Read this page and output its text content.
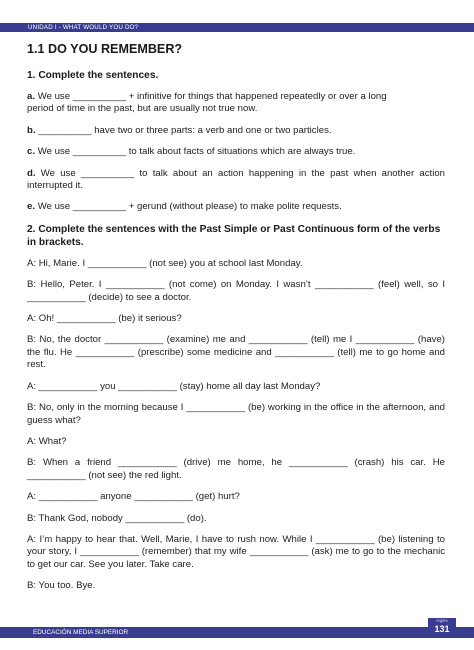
UNIDAD I - WHAT WOULD YOU DO?
1.1 DO YOU REMEMBER?
1. Complete the sentences.
a. We use __________ + infinitive for things that happened repeatedly or over a longperiod of time in the past, but are usually not true now.
b. __________ have two or three parts: a verb and one or two particles.
c. We use __________ to talk about facts of situations which are always true.
d. We use __________ to talk about an action happening in the past when another action interrupted it.
e. We use __________ + gerund (without please) to make polite requests.
2. Complete the sentences with the Past Simple or Past Continuous form of the verbs in brackets.
A: Hi, Marie. I ___________ (not see) you at school last Monday.
B: Hello, Peter. I ___________ (not come) on Monday. I wasn’t ___________ (feel) well, so I ___________ (decide) to see a doctor.
A: Oh! ___________ (be) it serious?
B: No, the doctor ___________ (examine) me and ___________ (tell) me I ___________ (have) the flu. He ___________ (prescribe) some medicine and ___________ (tell) me to go home and rest.
A: ___________ you ___________ (stay) home all day last Monday?
B: No, only in the morning because I ___________ (be) working in the office in the afternoon, and guess what?
A: What?
B: When a friend ___________ (drive) me home, he ___________ (crash) his car. He ___________ (not see) the red light.
A: ___________ anyone ___________ (get) hurt?
B: Thank God, nobody ___________ (do).
A: I’m happy to hear that. Well, Marie, I have to rush now. While I ___________ (be) listening to your story, I ___________ (remember) that my wife ___________ (ask) me to go to the mechanic to get our car. See you later. Take care.
B: You too. Bye.
EDUCACIÓN MEDIA SUPERIOR
Inglés
131
